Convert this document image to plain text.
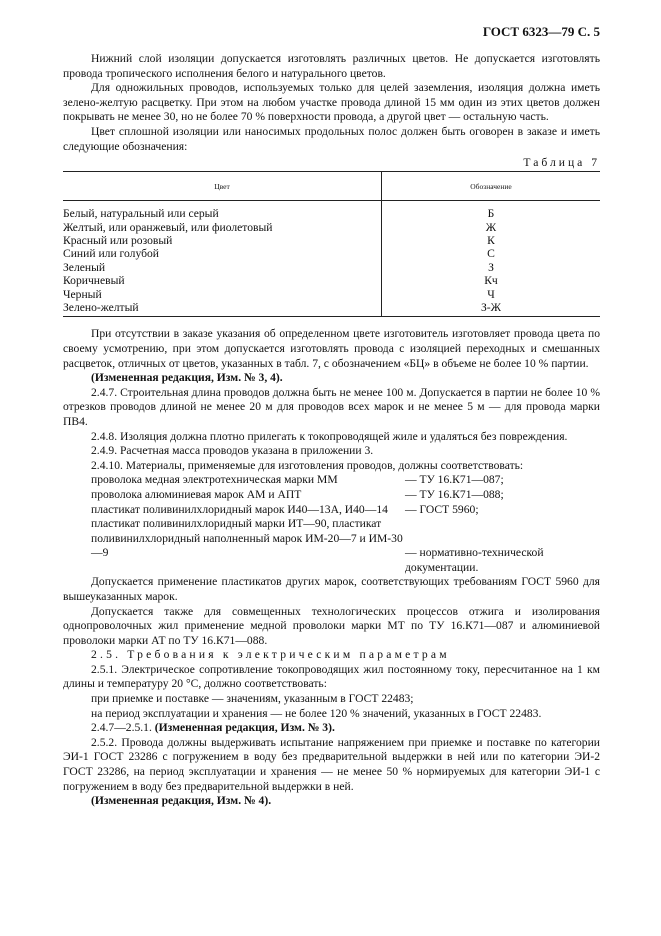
ГОСТ 6323—79 С. 5

Нижний слой изоляции допускается изготовлять различных цветов. Не допускается изготовлять провода тропического исполнения белого и натурального цветов.

Для одножильных проводов, используемых только для целей заземления, изоляция должна иметь зелено-желтую расцветку. При этом на любом участке провода длиной 15 мм один из этих цветов должен покрывать не менее 30, но не более 70 % поверхности провода, а другой цвет — остальную часть.

Цвет сплошной изоляции или наносимых продольных полос должен быть оговорен в заказе и иметь следующие обозначения:

Таблица 7
Цвет	Обозначение
Белый, натуральный или серый	Б
Желтый, или оранжевый, или фиолетовый	Ж
Красный или розовый	К
Синий или голубой	С
Зеленый	З
Коричневый	Кч
Черный	Ч
Зелено-желтый	З-Ж

При отсутствии в заказе указания об определенном цвете изготовитель изготовляет провода цвета по своему усмотрению, при этом допускается изготовлять провода с изоляцией переходных и смешанных расцветок, отличных от цветов, указанных в табл. 7, с обозначением «БЦ» в объеме не более 10 % партии.

(Измененная редакция, Изм. № 3, 4).

2.4.7. Строительная длина проводов должна быть не менее 100 м. Допускается в партии не более 10 % отрезков проводов длиной не менее 20 м для проводов всех марок и не менее 5 м — для провода марки ПВ4.

2.4.8. Изоляция должна плотно прилегать к токопроводящей жиле и удаляться без повреждения.

2.4.9. Расчетная масса проводов указана в приложении 3.

2.4.10. Материалы, применяемые для изготовления проводов, должны соответствовать:

проволока медная электротехническая марки ММ	— ТУ 16.К71—087;
проволока алюминиевая марок АМ и АПТ	— ТУ 16.К71—088;
пластикат поливинилхлоридный марок И40—13А, И40—14	— ГОСТ 5960;
пластикат поливинилхлоридный марки ИТ—90, пластикат поливинилхлоридный наполненный марок ИМ-20—7 и ИМ-30—9	— нормативно-технической документации.

Допускается применение пластикатов других марок, соответствующих требованиям ГОСТ 5960 для вышеуказанных марок.

Допускается также для совмещенных технологических процессов отжига и изолирования однопроволочных жил применение медной проволоки марки МТ по ТУ 16.К71—087 и алюминиевой проволоки марки АТ по ТУ 16.К71—088.

2.5. Требования к электрическим параметрам

2.5.1. Электрическое сопротивление токопроводящих жил постоянному току, пересчитанное на 1 км длины и температуру 20 °С, должно соответствовать:

при приемке и поставке — значениям, указанным в ГОСТ 22483;

на период эксплуатации и хранения — не более 120 % значений, указанных в ГОСТ 22483.

2.4.7—2.5.1. (Измененная редакция, Изм. № 3).

2.5.2. Провода должны выдерживать испытание напряжением при приемке и поставке по категории ЭИ-1 ГОСТ 23286 с погружением в воду без предварительной выдержки в ней или по категории ЭИ-2 ГОСТ 23286, на период эксплуатации и хранения — не менее 50 % нормируемых для категории ЭИ-1 с погружением в воду без предварительной выдержки в ней.

(Измененная редакция, Изм. № 4).
